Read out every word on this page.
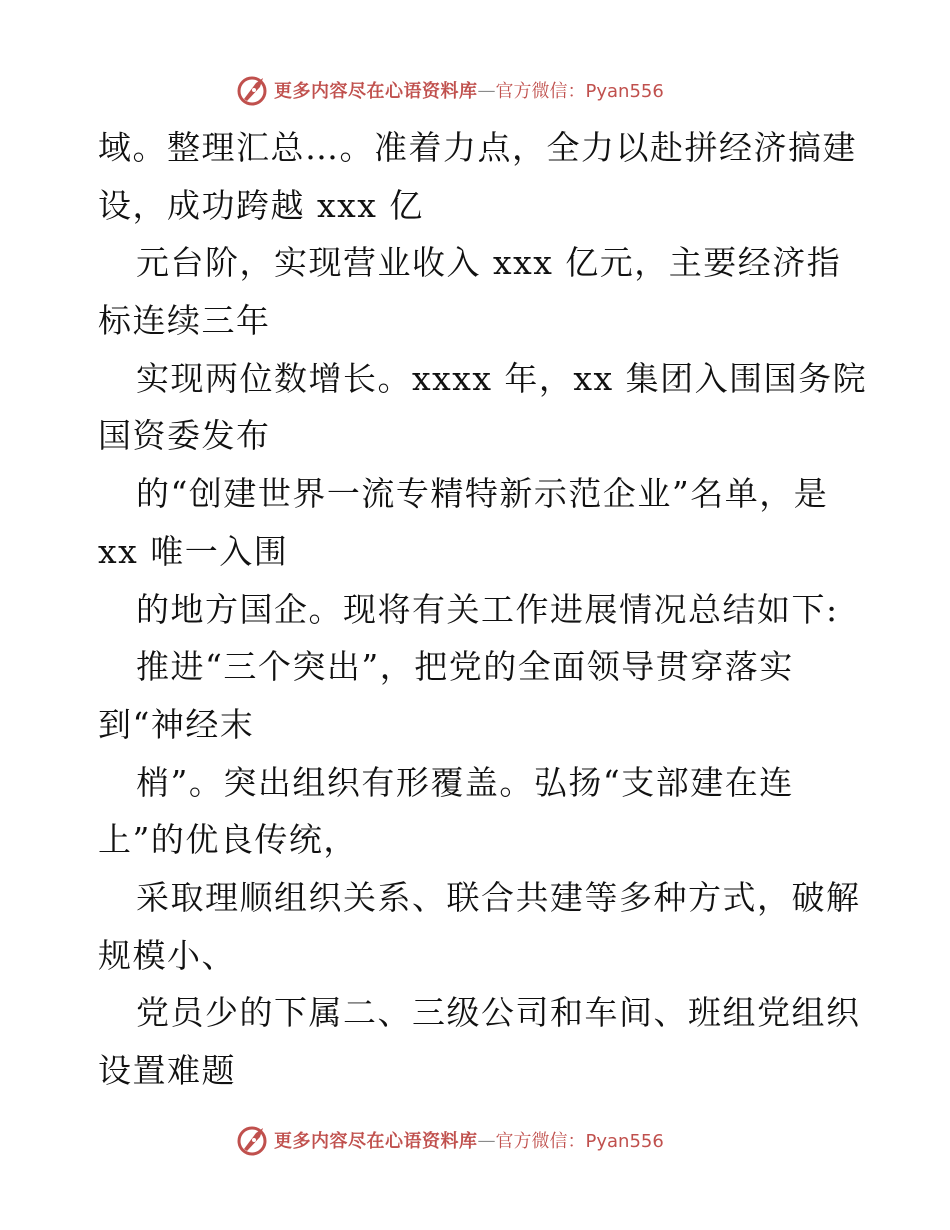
更多内容尽在心语资料库 — 官方微信：Pyan556
域。整理汇总…。准着力点，全力以赴拼经济搞建
设，成功跨越 xxx 亿
元台阶，实现营业收入 xxx 亿元，主要经济指
标连续三年
实现两位数增长。xxxx 年，xx 集团入围国务院
国资委发布
的“创建世界一流专精特新示范企业”名单，是
xx 唯一入围
的地方国企。现将有关工作进展情况总结如下:
推进“三个突出”，把党的全面领导贯穿落实
到“神经末
梢”。突出组织有形覆盖。弘扬“支部建在连
上”的优良传统，
采取理顺组织关系、联合共建等多种方式，破解
规模小、
党员少的下属二、三级公司和车间、班组党组织
设置难题
更多内容尽在心语资料库 — 官方微信：Pyan556
